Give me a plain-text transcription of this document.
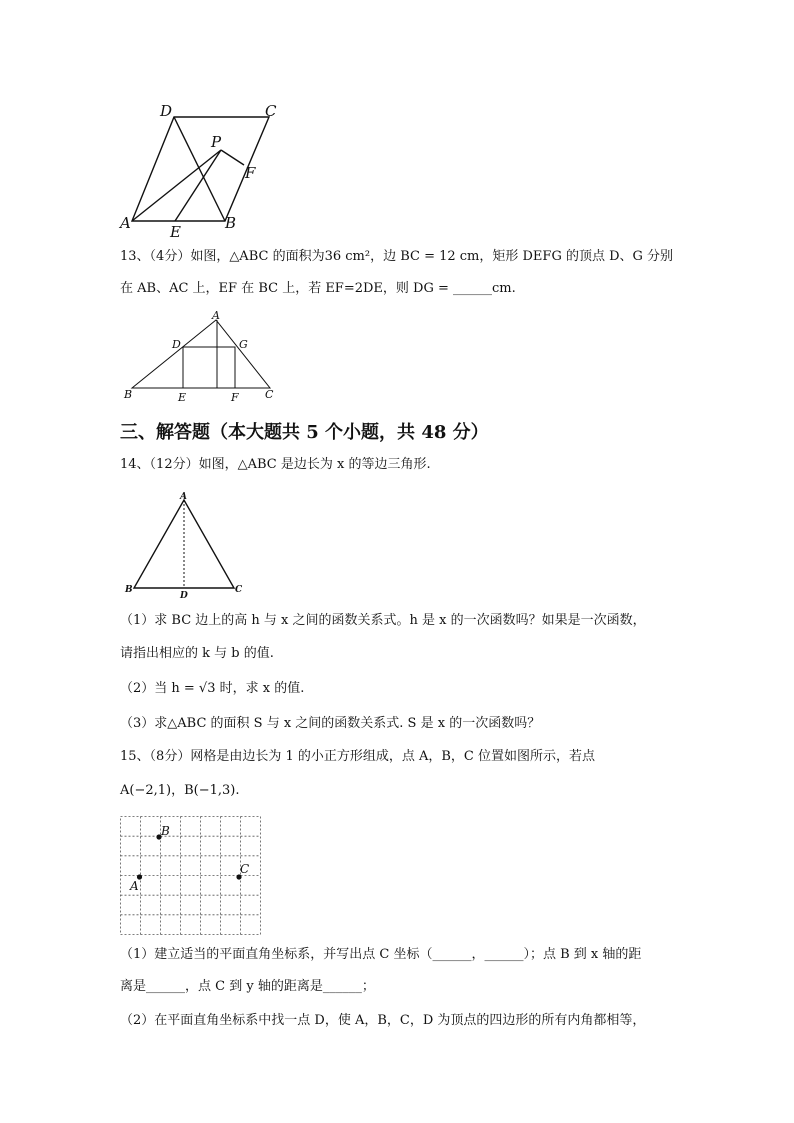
D	C
P
F
A	E	B
13、（4分）如图，△ABC 的面积为36 cm²，边 BC = 12 cm，矩形 DEFG 的顶点 D、G 分别
在 AB、AC 上，EF 在 BC 上，若 EF=2DE，则 DG = ______cm.
A
D	G
B	E	F C
三、解答题（本大题共 5 个小题，共 48 分）
14、（12分）如图，△ABC 是边长为 x 的等边三角形.
A
B
D
C
（1）求 BC 边上的高 h 与 x 之间的函数关系式。h 是 x 的一次函数吗？如果是一次函数，
请指出相应的 k 与 b 的值.
（2）当 h = √3 时，求 x 的值.
（3）求△ABC 的面积 S 与 x 之间的函数关系式. S 是 x 的一次函数吗？
15、（8分）网格是由边长为 1 的小正方形组成，点 A，B，C 位置如图所示，若点
A(−2,1)，B(−1,3).
A
B
C
（1）建立适当的平面直角坐标系，并写出点 C 坐标（______，______）；点 B 到 x 轴的距
离是______，点 C 到 y 轴的距离是______；
（2）在平面直角坐标系中找一点 D，使 A，B，C，D 为顶点的四边形的所有内角都相等，
